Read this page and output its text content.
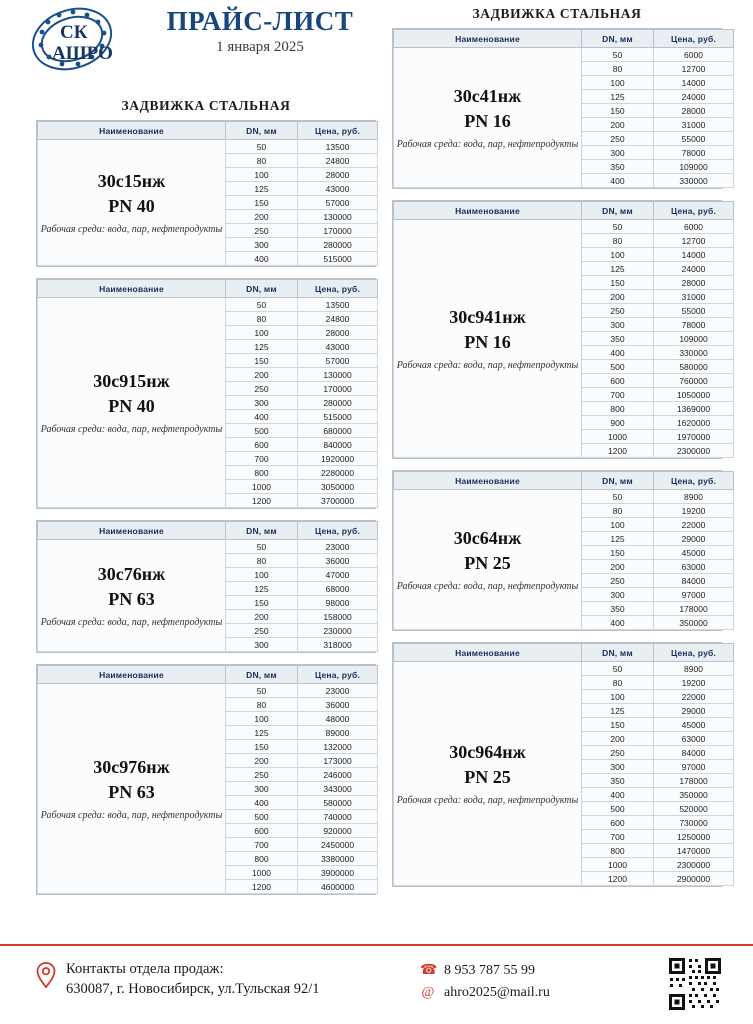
СК
АШРО
ПРАЙС-ЛИСТ
1 января 2025
ЗАДВИЖКА СТАЛЬНАЯ
Наименование	DN, мм	Цена, руб.

30с15нж
PN 40
Рабочая среда: вода, пар, нефтепродукты	50	13500
	80	24800
	100	28000
	125	43000
	150	57000
	200	130000
	250	170000
	300	280000
	400	515000
Наименование	DN, мм	Цена, руб.

30с915нж
PN 40
Рабочая среда: вода, пар, нефтепродукты	50	13500
	80	24800
	100	28000
	125	43000
	150	57000
	200	130000
	250	170000
	300	280000
	400	515000
	500	680000
	600	840000
	700	1920000
	800	2280000
	1000	3050000
	1200	3700000
Наименование	DN, мм	Цена, руб.

30с76нж
PN 63
Рабочая среда: вода, пар, нефтепродукты	50	23000
	80	36000
	100	47000
	125	68000
	150	98000
	200	158000
	250	230000
	300	318000
Наименование	DN, мм	Цена, руб.

30с976нж
PN 63
Рабочая среда: вода, пар, нефтепродукты	50	23000
	80	36000
	100	48000
	125	89000
	150	132000
	200	173000
	250	246000
	300	343000
	400	580000
	500	740000
	600	920000
	700	2450000
	800	3380000
	1000	3900000
	1200	4600000
ЗАДВИЖКА СТАЛЬНАЯ
Наименование	DN, мм	Цена, руб.

30с41нж
PN 16
Рабочая среда: вода, пар, нефтепродукты	50	6000
	80	12700
	100	14000
	125	24000
	150	28000
	200	31000
	250	55000
	300	78000
	350	109000
	400	330000
Наименование	DN, мм	Цена, руб.

30с941нж
PN 16
Рабочая среда: вода, пар, нефтепродукты	50	6000
	80	12700
	100	14000
	125	24000
	150	28000
	200	31000
	250	55000
	300	78000
	350	109000
	400	330000
	500	580000
	600	760000
	700	1050000
	800	1369000
	900	1620000
	1000	1970000
	1200	2300000
Наименование	DN, мм	Цена, руб.

30с64нж
PN 25
Рабочая среда: вода, пар, нефтепродукты	50	8900
	80	19200
	100	22000
	125	29000
	150	45000
	200	63000
	250	84000
	300	97000
	350	178000
	400	350000
Наименование	DN, мм	Цена, руб.

30с964нж
PN 25
Рабочая среда: вода, пар, нефтепродукты	50	8900
	80	19200
	100	22000
	125	29000
	150	45000
	200	63000
	250	84000
	300	97000
	350	178000
	400	350000
	500	520000
	600	730000
	700	1250000
	800	1470000
	1000	2300000
	1200	2900000
Контакты отдела продаж:
630087, г. Новосибирск, ул.Тульская 92/1
☎ 8 953 787 55 99
@ ahro2025@mail.ru
